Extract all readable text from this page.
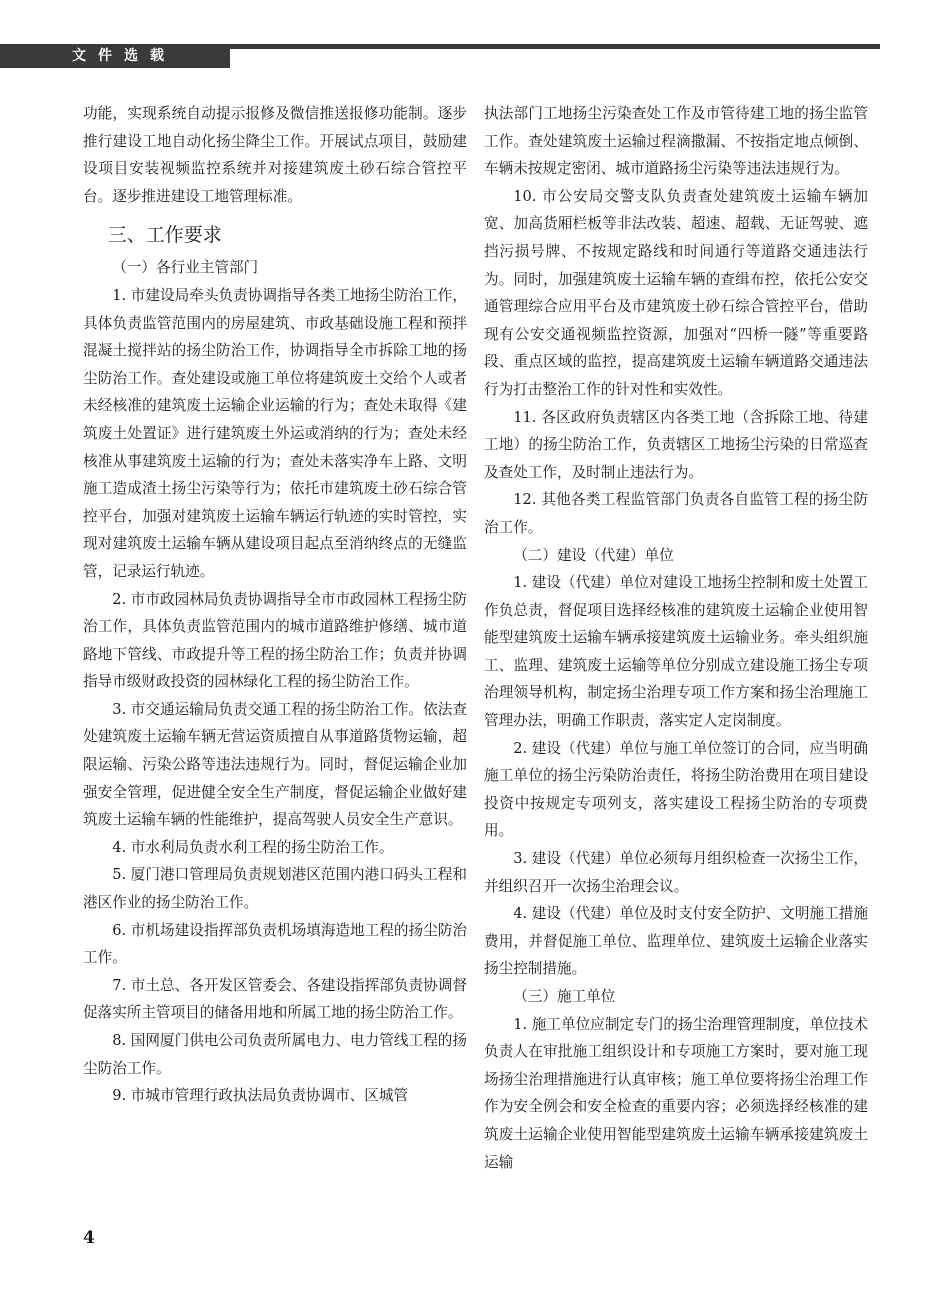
文件选载

功能，实现系统自动提示报修及微信推送报修功能制。逐步推行建设工地自动化扬尘降尘工作。开展试点项目，鼓励建设项目安装视频监控系统并对接建筑废土砂石综合管控平台。逐步推进建设工地管理标准。

三、工作要求

（一）各行业主管部门

1. 市建设局牵头负责协调指导各类工地扬尘防治工作，具体负责监管范围内的房屋建筑、市政基础设施工程和预拌混凝土搅拌站的扬尘防治工作，协调指导全市拆除工地的扬尘防治工作。查处建设或施工单位将建筑废土交给个人或者未经核准的建筑废土运输企业运输的行为；查处未取得《建筑废土处置证》进行建筑废土外运或消纳的行为；查处未经核准从事建筑废土运输的行为；查处未落实净车上路、文明施工造成渣土扬尘污染等行为；依托市建筑废土砂石综合管控平台，加强对建筑废土运输车辆运行轨迹的实时管控，实现对建筑废土运输车辆从建设项目起点至消纳终点的无缝监管，记录运行轨迹。

2. 市市政园林局负责协调指导全市市政园林工程扬尘防治工作，具体负责监管范围内的城市道路维护修缮、城市道路地下管线、市政提升等工程的扬尘防治工作；负责并协调指导市级财政投资的园林绿化工程的扬尘防治工作。

3. 市交通运输局负责交通工程的扬尘防治工作。依法查处建筑废土运输车辆无营运资质擅自从事道路货物运输，超限运输、污染公路等违法违规行为。同时，督促运输企业加强安全管理，促进健全安全生产制度，督促运输企业做好建筑废土运输车辆的性能维护，提高驾驶人员安全生产意识。

4. 市水利局负责水利工程的扬尘防治工作。

5. 厦门港口管理局负责规划港区范围内港口码头工程和港区作业的扬尘防治工作。

6. 市机场建设指挥部负责机场填海造地工程的扬尘防治工作。

7. 市土总、各开发区管委会、各建设指挥部负责协调督促落实所主管项目的储备用地和所属工地的扬尘防治工作。

8. 国网厦门供电公司负责所属电力、电力管线工程的扬尘防治工作。

9. 市城市管理行政执法局负责协调市、区城管

执法部门工地扬尘污染查处工作及市管待建工地的扬尘监管工作。查处建筑废土运输过程滴撒漏、不按指定地点倾倒、车辆未按规定密闭、城市道路扬尘污染等违法违规行为。

10. 市公安局交警支队负责查处建筑废土运输车辆加宽、加高货厢栏板等非法改装、超速、超载、无证驾驶、遮挡污损号牌、不按规定路线和时间通行等道路交通违法行为。同时，加强建筑废土运输车辆的查缉布控，依托公安交通管理综合应用平台及市建筑废土砂石综合管控平台，借助现有公安交通视频监控资源，加强对“四桥一隧”等重要路段、重点区域的监控，提高建筑废土运输车辆道路交通违法行为打击整治工作的针对性和实效性。

11. 各区政府负责辖区内各类工地（含拆除工地、待建工地）的扬尘防治工作，负责辖区工地扬尘污染的日常巡查及查处工作，及时制止违法行为。

12. 其他各类工程监管部门负责各自监管工程的扬尘防治工作。

（二）建设（代建）单位

1. 建设（代建）单位对建设工地扬尘控制和废土处置工作负总责，督促项目选择经核准的建筑废土运输企业使用智能型建筑废土运输车辆承接建筑废土运输业务。牵头组织施工、监理、建筑废土运输等单位分别成立建设施工扬尘专项治理领导机构，制定扬尘治理专项工作方案和扬尘治理施工管理办法，明确工作职责，落实定人定岗制度。

2. 建设（代建）单位与施工单位签订的合同，应当明确施工单位的扬尘污染防治责任，将扬尘防治费用在项目建设投资中按规定专项列支，落实建设工程扬尘防治的专项费用。

3. 建设（代建）单位必须每月组织检查一次扬尘工作，并组织召开一次扬尘治理会议。

4. 建设（代建）单位及时支付安全防护、文明施工措施费用，并督促施工单位、监理单位、建筑废土运输企业落实扬尘控制措施。

（三）施工单位

1. 施工单位应制定专门的扬尘治理管理制度，单位技术负责人在审批施工组织设计和专项施工方案时，要对施工现场扬尘治理措施进行认真审核；施工单位要将扬尘治理工作作为安全例会和安全检查的重要内容；必须选择经核准的建筑废土运输企业使用智能型建筑废土运输车辆承接建筑废土运输

4
